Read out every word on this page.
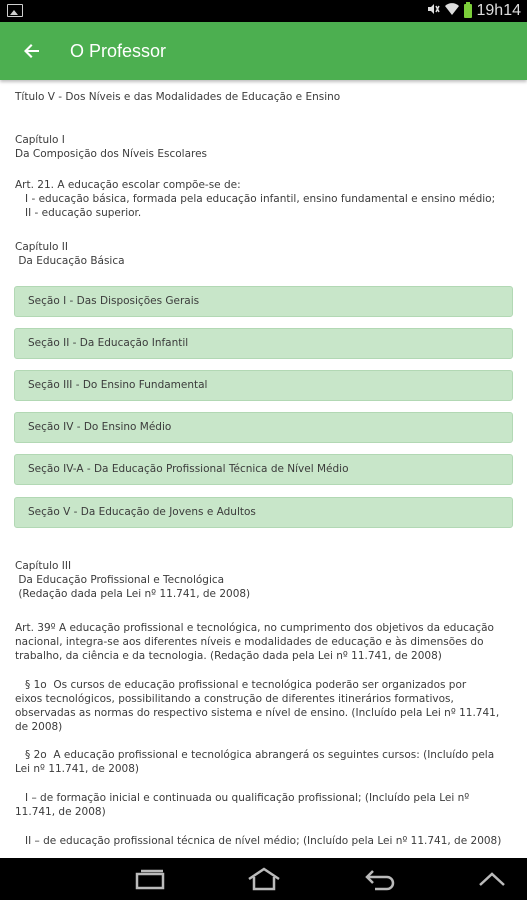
19h14
O Professor
Título V - Dos Níveis e das Modalidades de Educação e Ensino
Capítulo I
Da Composição dos Níveis Escolares
Art. 21. A educação escolar compõe-se de:
I - educação básica, formada pela educação infantil, ensino fundamental e ensino médio;
II - educação superior.
Capítulo II
Da Educação Básica
Seção I - Das Disposições Gerais
Seção II - Da Educação Infantil
Seção III - Do Ensino Fundamental
Seção IV - Do Ensino Médio
Seção IV-A - Da Educação Profissional Técnica de Nível Médio
Seção V - Da Educação de Jovens e Adultos
Capítulo III
Da Educação Profissional e Tecnológica
(Redação dada pela Lei nº 11.741, de 2008)
Art. 39º A educação profissional e tecnológica, no cumprimento dos objetivos da educação
nacional, integra-se aos diferentes níveis e modalidades de educação e às dimensões do
trabalho, da ciência e da tecnologia. (Redação dada pela Lei nº 11.741, de 2008)
§ 1o  Os cursos de educação profissional e tecnológica poderão ser organizados por
eixos tecnológicos, possibilitando a construção de diferentes itinerários formativos,
observadas as normas do respectivo sistema e nível de ensino. (Incluído pela Lei nº 11.741,
de 2008)
§ 2o  A educação profissional e tecnológica abrangerá os seguintes cursos: (Incluído pela
Lei nº 11.741, de 2008)
I – de formação inicial e continuada ou qualificação profissional; (Incluído pela Lei nº
11.741, de 2008)
II – de educação profissional técnica de nível médio; (Incluído pela Lei nº 11.741, de 2008)
